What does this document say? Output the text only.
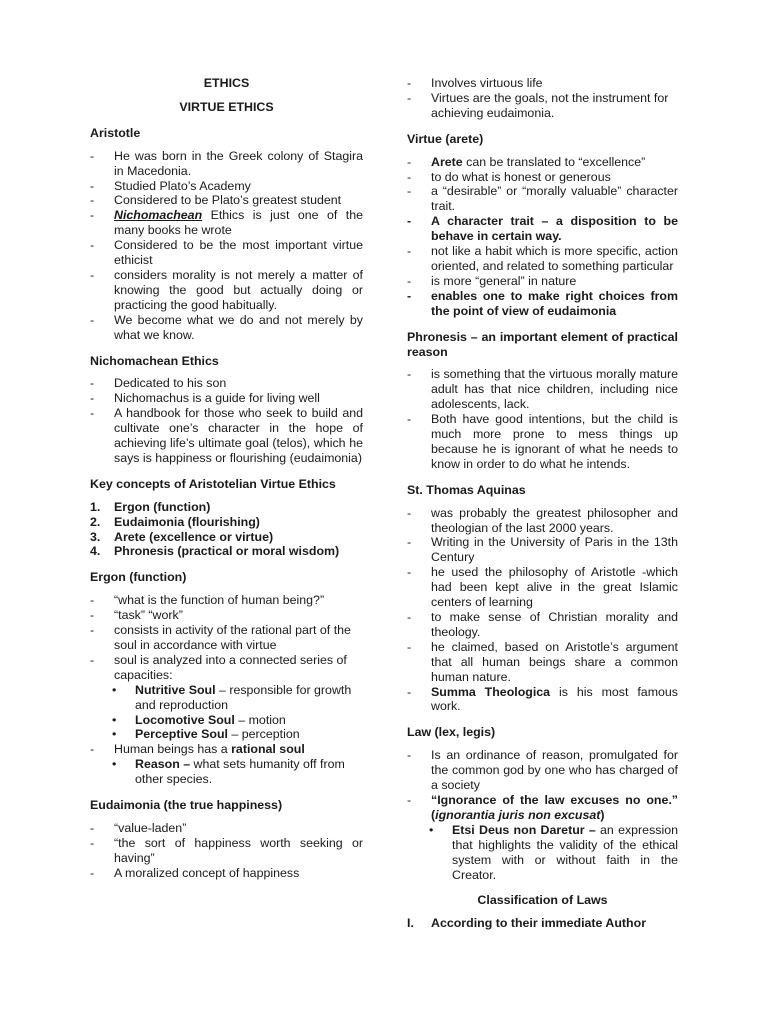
ETHICS
VIRTUE ETHICS
Aristotle
- He was born in the Greek colony of Stagira in Macedonia.
- Studied Plato’s Academy
- Considered to be Plato’s greatest student
- Nichomachean Ethics is just one of the many books he wrote
- Considered to be the most important virtue ethicist
- considers morality is not merely a matter of knowing the good but actually doing or practicing the good habitually.
- We become what we do and not merely by what we know.
Nichomachean Ethics
- Dedicated to his son
- Nichomachus is a guide for living well
- A handbook for those who seek to build and cultivate one’s character in the hope of achieving life’s ultimate goal (telos), which he says is happiness or flourishing (eudaimonia)
Key concepts of Aristotelian Virtue Ethics
1. Ergon (function)
2. Eudaimonia (flourishing)
3. Arete (excellence or virtue)
4. Phronesis (practical or moral wisdom)
Ergon (function)
- “what is the function of human being?”
- “task” “work”
- consists in activity of the rational part of the soul in accordance with virtue
- soul is analyzed into a connected series of capacities:
• Nutritive Soul – responsible for growth and reproduction
• Locomotive Soul – motion
• Perceptive Soul – perception
- Human beings has a rational soul
• Reason – what sets humanity off from other species.
Eudaimonia (the true happiness)
- “value-laden”
- “the sort of happiness worth seeking or having”
- A moralized concept of happiness
- Involves virtuous life
- Virtues are the goals, not the instrument for achieving eudaimonia.
Virtue (arete)
- Arete can be translated to “excellence”
- to do what is honest or generous
- a “desirable” or “morally valuable” character trait.
- A character trait – a disposition to be behave in certain way.
- not like a habit which is more specific, action oriented, and related to something particular
- is more “general” in nature
- enables one to make right choices from the point of view of eudaimonia
Phronesis – an important element of practical reason
- is something that the virtuous morally mature adult has that nice children, including nice adolescents, lack.
- Both have good intentions, but the child is much more prone to mess things up because he is ignorant of what he needs to know in order to do what he intends.
St. Thomas Aquinas
- was probably the greatest philosopher and theologian of the last 2000 years.
- Writing in the University of Paris in the 13th Century
- he used the philosophy of Aristotle -which had been kept alive in the great Islamic centers of learning
- to make sense of Christian morality and theology.
- he claimed, based on Aristotle’s argument that all human beings share a common human nature.
- Summa Theologica is his most famous work.
Law (lex, legis)
- Is an ordinance of reason, promulgated for the common god by one who has charged of a society
- “Ignorance of the law excuses no one.” (ignorantia juris non excusat)
• Etsi Deus non Daretur – an expression that highlights the validity of the ethical system with or without faith in the Creator.
Classification of Laws
I. According to their immediate Author
